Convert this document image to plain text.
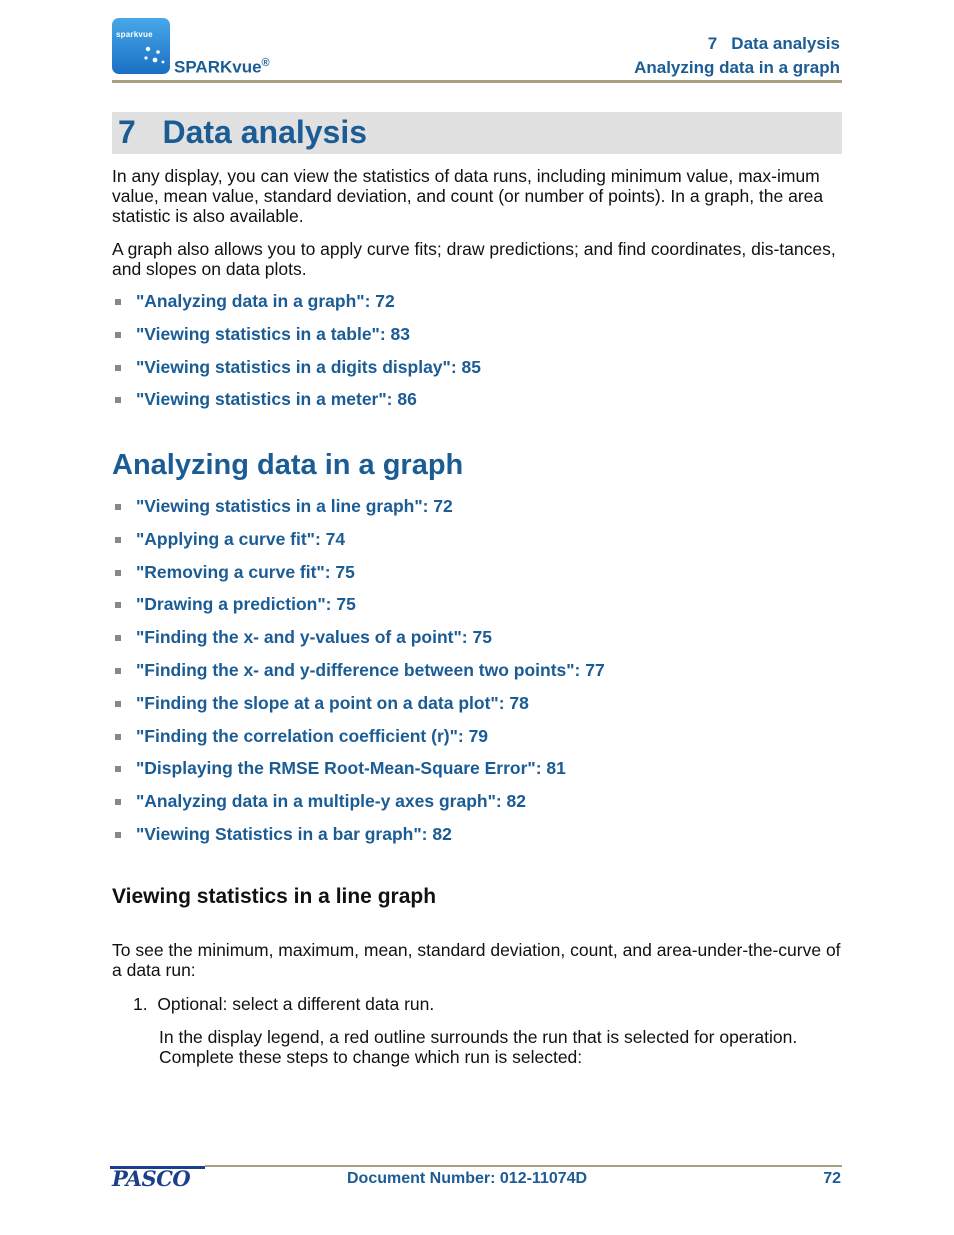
sparkvue
SPARKvue®
7   Data analysis
Analyzing data in a graph
7   Data analysis
In any display, you can view the statistics of data runs, including minimum value, max-imum value, mean value, standard deviation, and count (or number of points). In a graph, the area statistic is also available.
A graph also allows you to apply curve fits; draw predictions; and find coordinates, dis-tances, and slopes on data plots.
"Analyzing data in a graph": 72
"Viewing statistics in a table": 83
"Viewing statistics in a digits display": 85
"Viewing statistics in a meter": 86
Analyzing data in a graph
"Viewing statistics in a line graph": 72
"Applying a curve fit": 74
"Removing a curve fit": 75
"Drawing a prediction": 75
"Finding the x- and y-values of a point": 75
"Finding the x- and y-difference between two points": 77
"Finding the slope at a point on a data plot": 78
"Finding the correlation coefficient (r)": 79
"Displaying the RMSE Root-Mean-Square Error": 81
"Analyzing data in a multiple-y axes graph": 82
"Viewing Statistics in a bar graph": 82
Viewing statistics in a line graph
To see the minimum, maximum, mean, standard deviation, count, and area-under-the-curve of a data run:
1.  Optional: select a different data run.
In the display legend, a red outline surrounds the run that is selected for operation. Complete these steps to change which run is selected:
PASCO	Document Number: 012-11074D	72
